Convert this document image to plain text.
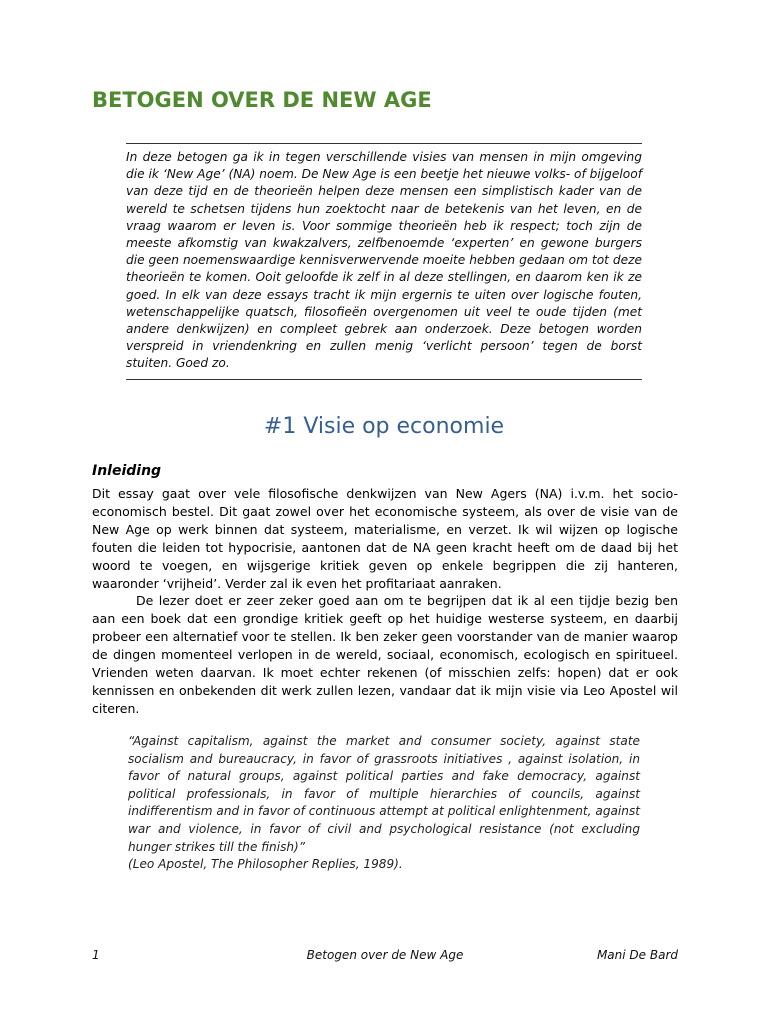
BETOGEN OVER DE NEW AGE

In deze betogen ga ik in tegen verschillende visies van mensen in mijn omgeving die ik ‘New Age’ (NA) noem. De New Age is een beetje het nieuwe volks- of bijgeloof van deze tijd en de theorieën helpen deze mensen een simplistisch kader van de wereld te schetsen tijdens hun zoektocht naar de betekenis van het leven, en de vraag waarom er leven is. Voor sommige theorieën heb ik respect; toch zijn de meeste afkomstig van kwakzalvers, zelfbenoemde ‘experten’ en gewone burgers die geen noemenswaardige kennisverwervende moeite hebben gedaan om tot deze theorieën te komen. Ooit geloofde ik zelf in al deze stellingen, en daarom ken ik ze goed. In elk van deze essays tracht ik mijn ergernis te uiten over logische fouten, wetenschappelijke quatsch, filosofieën overgenomen uit veel te oude tijden (met andere denkwijzen) en compleet gebrek aan onderzoek. Deze betogen worden verspreid in vriendenkring en zullen menig ‘verlicht persoon’ tegen de borst stuiten. Goed zo.

#1 Visie op economie
Inleiding

Dit essay gaat over vele filosofische denkwijzen van New Agers (NA) i.v.m. het socio-economisch bestel. Dit gaat zowel over het economische systeem, als over de visie van de New Age op werk binnen dat systeem, materialisme, en verzet. Ik wil wijzen op logische fouten die leiden tot hypocrisie, aantonen dat de NA geen kracht heeft om de daad bij het woord te voegen, en wijsgerige kritiek geven op enkele begrippen die zij hanteren, waaronder ‘vrijheid’. Verder zal ik even het profitariaat aanraken.

De lezer doet er zeer zeker goed aan om te begrijpen dat ik al een tijdje bezig ben aan een boek dat een grondige kritiek geeft op het huidige westerse systeem, en daarbij probeer een alternatief voor te stellen. Ik ben zeker geen voorstander van de manier waarop de dingen momenteel verlopen in de wereld, sociaal, economisch, ecologisch en spiritueel. Vrienden weten daarvan. Ik moet echter rekenen (of misschien zelfs: hopen) dat er ook kennissen en onbekenden dit werk zullen lezen, vandaar dat ik mijn visie via Leo Apostel wil citeren.

“Against capitalism, against the market and consumer society, against state socialism and bureaucracy, in favor of grassroots initiatives , against isolation, in favor of natural groups, against political parties and fake democracy, against political professionals, in favor of multiple hierarchies of councils, against indifferentism and in favor of continuous attempt at political enlightenment, against war and violence, in favor of civil and psychological resistance (not excluding hunger strikes till the finish)”

(Leo Apostel, The Philosopher Replies, 1989).

1	Betogen over de New Age	Mani De Bard
